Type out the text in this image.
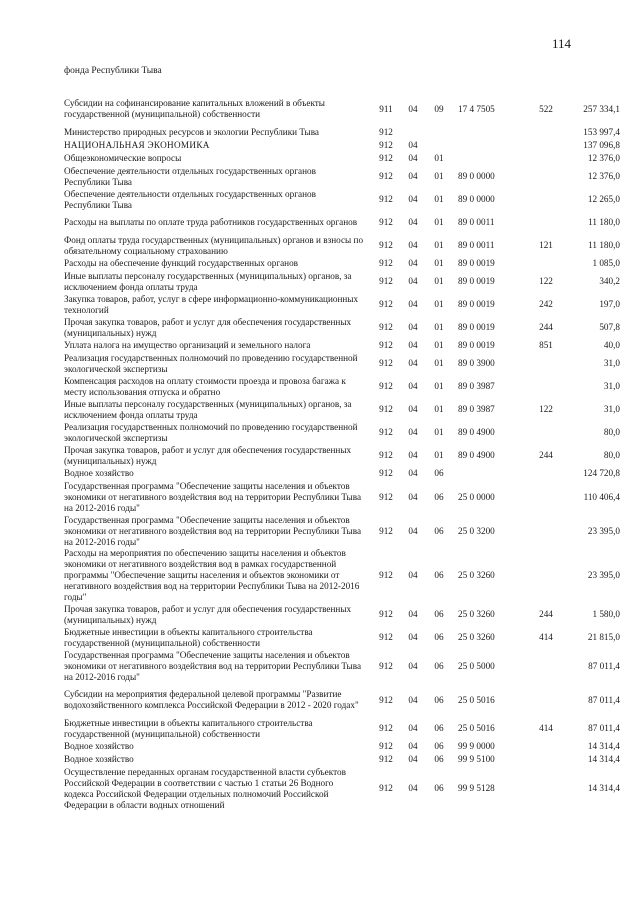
114
фонда Республики Тыва
Субсидии на софинансирование капитальных вложений в объекты государственной (муниципальной) собственности	911	04	09	17 4 7505	522	257 334,1
Министерство природных ресурсов и экологии Республики Тыва	912					153 997,4
НАЦИОНАЛЬНАЯ ЭКОНОМИКА	912	04				137 096,8
Общеэкономические вопросы	912	04	01			12 376,0
Обеспечение деятельности отдельных государственных органов Республики Тыва	912	04	01	89 0 0000		12 376,0
Обеспечение деятельности отдельных государственных органов Республики Тыва	912	04	01	89 0 0000		12 265,0
Расходы на выплаты по оплате труда работников государственных органов	912	04	01	89 0 0011		11 180,0
Фонд оплаты труда государственных (муниципальных) органов и взносы по обязательному социальному страхованию	912	04	01	89 0 0011	121	11 180,0
Расходы на обеспечение функций государственных органов	912	04	01	89 0 0019		1 085,0
Иные выплаты персоналу государственных (муниципальных) органов, за исключением фонда оплаты труда	912	04	01	89 0 0019	122	340,2
Закупка товаров, работ, услуг в сфере информационно-коммуникационных технологий	912	04	01	89 0 0019	242	197,0
Прочая закупка товаров, работ и услуг для обеспечения государственных (муниципальных) нужд	912	04	01	89 0 0019	244	507,8
Уплата налога на имущество организаций и земельного налога	912	04	01	89 0 0019	851	40,0
Реализация государственных полномочий по проведению государственной экологической экспертизы	912	04	01	89 0 3900		31,0
Компенсация расходов на оплату стоимости проезда и провоза багажа к месту использования отпуска и обратно	912	04	01	89 0 3987		31,0
Иные выплаты персоналу государственных (муниципальных) органов, за исключением фонда оплаты труда	912	04	01	89 0 3987	122	31,0
Реализация государственных полномочий по проведению государственной экологической экспертизы	912	04	01	89 0 4900		80,0
Прочая закупка товаров, работ и услуг для обеспечения государственных (муниципальных) нужд	912	04	01	89 0 4900	244	80,0
Водное хозяйство	912	04	06			124 720,8
Государственная программа "Обеспечение защиты населения и объектов экономики от негативного воздействия вод на территории Республики Тыва на 2012-2016 годы"	912	04	06	25 0 0000		110 406,4
Государственная программа "Обеспечение защиты населения и объектов экономики от негативного воздействия вод на территории Республики Тыва на 2012-2016 годы"	912	04	06	25 0 3200		23 395,0
Расходы на мероприятия по обеспечению защиты населения и объектов экономики от негативного воздействия вод в рамках государственной программы "Обеспечение защиты населения и объектов экономики от негативного воздействия вод на территории Республики Тыва на 2012-2016 годы"	912	04	06	25 0 3260		23 395,0
Прочая закупка товаров, работ и услуг для обеспечения государственных (муниципальных) нужд	912	04	06	25 0 3260	244	1 580,0
Бюджетные инвестиции в объекты капитального строительства государственной (муниципальной) собственности	912	04	06	25 0 3260	414	21 815,0
Государственная программа "Обеспечение защиты населения и объектов экономики от негативного воздействия вод на территории Республики Тыва на 2012-2016 годы"	912	04	06	25 0 5000		87 011,4
Субсидии на мероприятия федеральной целевой программы "Развитие водохозяйственного комплекса Российской Федерации в 2012 - 2020 годах"	912	04	06	25 0 5016		87 011,4
Бюджетные инвестиции в объекты капитального строительства государственной (муниципальной) собственности	912	04	06	25 0 5016	414	87 011,4
Водное хозяйство	912	04	06	99 9 0000		14 314,4
Водное хозяйство	912	04	06	99 9 5100		14 314,4
Осуществление переданных органам государственной власти субъектов Российской Федерации в соответствии с частью 1 статьи 26 Водного кодекса Российской Федерации отдельных полномочий Российской Федерации в области водных отношений	912	04	06	99 9 5128		14 314,4
